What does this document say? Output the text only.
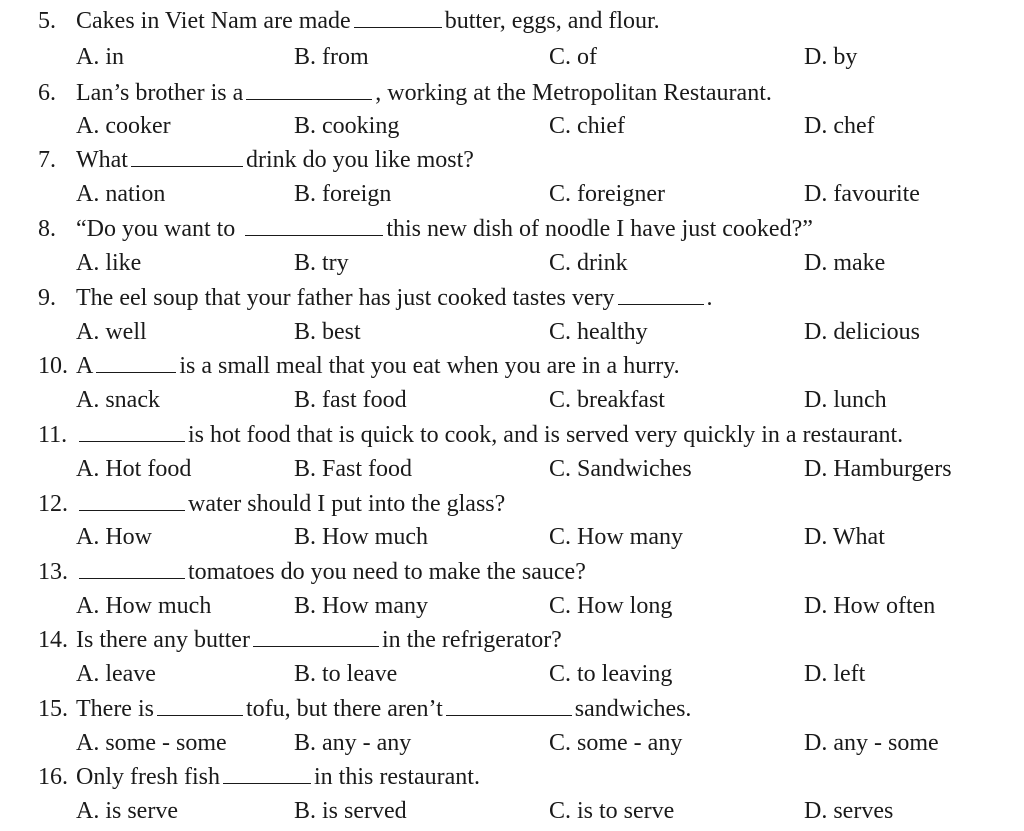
5. Cakes in Viet Nam are made	butter, eggs, and flour.
A. in	B. from	C. of	D. by
6. Lan’s brother is a	, working at the Metropolitan Restaurant.
A. cooker	B. cooking	C. chief	D. chef
7. What	drink do you like most?
A. nation	B. foreign	C. foreigner	D. favourite
8. “Do you want to	this new dish of noodle I have just cooked?”
A. like	B. try	C. drink	D. make
9. The eel soup that your father has just cooked tastes very	.
A. well	B. best	C. healthy	D. delicious
10. A	is a small meal that you eat when you are in a hurry.
A. snack	B. fast food	C. breakfast	D. lunch
11.	is hot food that is quick to cook, and is served very quickly in a restaurant.
A. Hot food	B. Fast food	C. Sandwiches	D. Hamburgers
12.	water should I put into the glass?
A. How	B. How much	C. How many	D. What
13.	tomatoes do you need to make the sauce?
A. How much	B. How many	C. How long	D. How often
14. Is there any butter	in the refrigerator?
A. leave	B. to leave	C. to leaving	D. left
15. There is	tofu, but there aren’t	sandwiches.
A. some - some	B. any - any	C. some - any	D. any - some
16. Only fresh fish	in this restaurant.
A. is serve	B. is served	C. is to serve	D. serves
